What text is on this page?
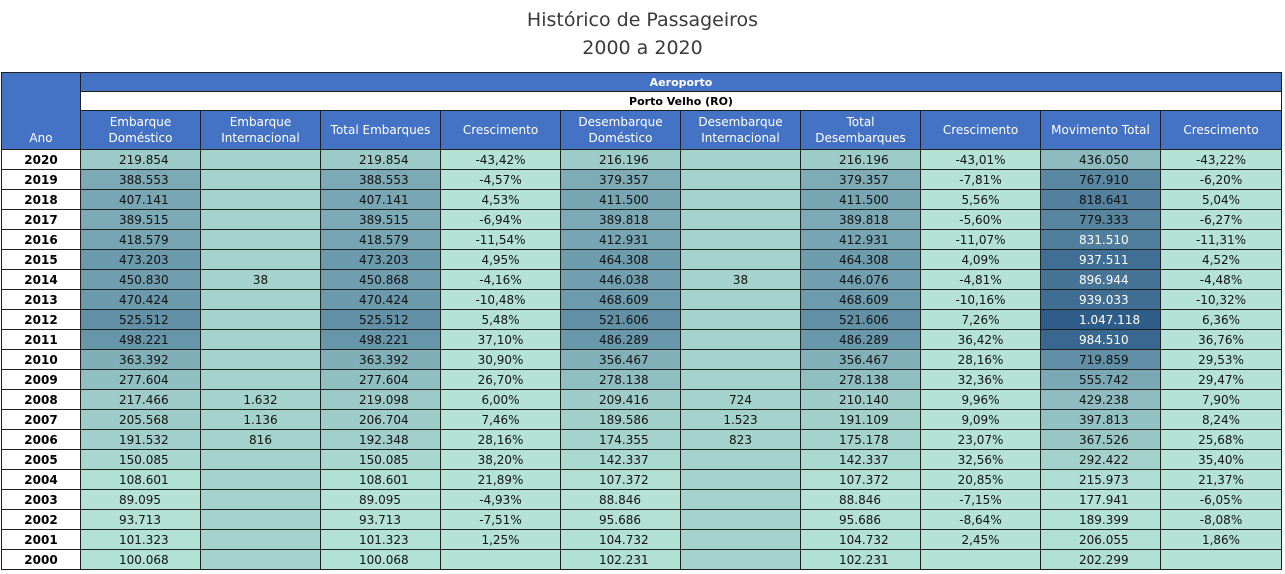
Histórico de Passageiros
2000 a 2020
Ano	Aeroporto									
	Porto Velho (RO)									
	Embarque Doméstico	Embarque Internacional	Total Embarques	Crescimento	Desembarque Doméstico	Desembarque Internacional	Total Desembarques	Crescimento	Movimento Total	Crescimento
2020	219.854		219.854	-43,42%	216.196		216.196	-43,01%	436.050	-43,22%
2019	388.553		388.553	-4,57%	379.357		379.357	-7,81%	767.910	-6,20%
2018	407.141		407.141	4,53%	411.500		411.500	5,56%	818.641	5,04%
2017	389.515		389.515	-6,94%	389.818		389.818	-5,60%	779.333	-6,27%
2016	418.579		418.579	-11,54%	412.931		412.931	-11,07%	831.510	-11,31%
2015	473.203		473.203	4,95%	464.308		464.308	4,09%	937.511	4,52%
2014	450.830	38	450.868	-4,16%	446.038	38	446.076	-4,81%	896.944	-4,48%
2013	470.424		470.424	-10,48%	468.609		468.609	-10,16%	939.033	-10,32%
2012	525.512		525.512	5,48%	521.606		521.606	7,26%	1.047.118	6,36%
2011	498.221		498.221	37,10%	486.289		486.289	36,42%	984.510	36,76%
2010	363.392		363.392	30,90%	356.467		356.467	28,16%	719.859	29,53%
2009	277.604		277.604	26,70%	278.138		278.138	32,36%	555.742	29,47%
2008	217.466	1.632	219.098	6,00%	209.416	724	210.140	9,96%	429.238	7,90%
2007	205.568	1.136	206.704	7,46%	189.586	1.523	191.109	9,09%	397.813	8,24%
2006	191.532	816	192.348	28,16%	174.355	823	175.178	23,07%	367.526	25,68%
2005	150.085		150.085	38,20%	142.337		142.337	32,56%	292.422	35,40%
2004	108.601		108.601	21,89%	107.372		107.372	20,85%	215.973	21,37%
2003	89.095		89.095	-4,93%	88.846		88.846	-7,15%	177.941	-6,05%
2002	93.713		93.713	-7,51%	95.686		95.686	-8,64%	189.399	-8,08%
2001	101.323		101.323	1,25%	104.732		104.732	2,45%	206.055	1,86%
2000	100.068		100.068		102.231		102.231		202.299	
